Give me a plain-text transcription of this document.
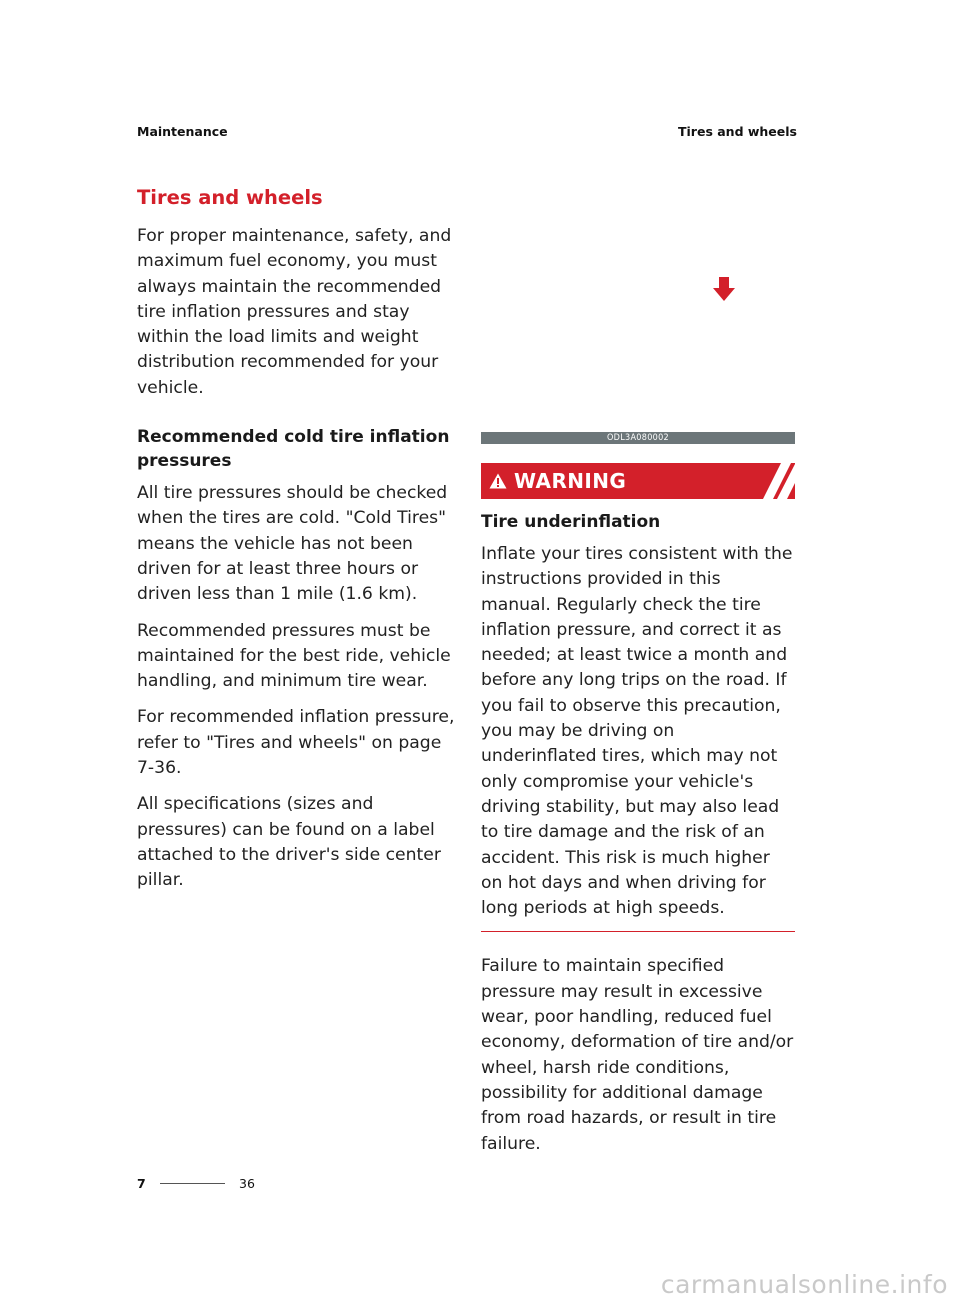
Maintenance	Tires and wheels
Tires and wheels

For proper maintenance, safety, and maximum fuel economy, you must always maintain the recommended tire inflation pressures and stay within the load limits and weight distribution recommended for your vehicle.

Recommended cold tire inflation pressures

All tire pressures should be checked when the tires are cold. "Cold Tires" means the vehicle has not been driven for at least three hours or driven less than 1 mile (1.6 km).

Recommended pressures must be maintained for the best ride, vehicle handling, and minimum tire wear.

For recommended inflation pressure, refer to "Tires and wheels" on page 7-36.

All specifications (sizes and pressures) can be found on a label attached to the driver's side center pillar.

ODL3A080002
WARNING
Tire underinflation

Inflate your tires consistent with the instructions provided in this manual. Regularly check the tire inflation pressure, and correct it as needed; at least twice a month and before any long trips on the road. If you fail to observe this precaution, you may be driving on underinflated tires, which may not only compromise your vehicle's driving stability, but may also lead to tire damage and the risk of an accident. This risk is much higher on hot days and when driving for long periods at high speeds.

Failure to maintain specified pressure may result in excessive wear, poor handling, reduced fuel economy, deformation of tire and/or wheel, harsh ride conditions, possibility for additional damage from road hazards, or result in tire failure.

7	36
carmanualsonline.info
